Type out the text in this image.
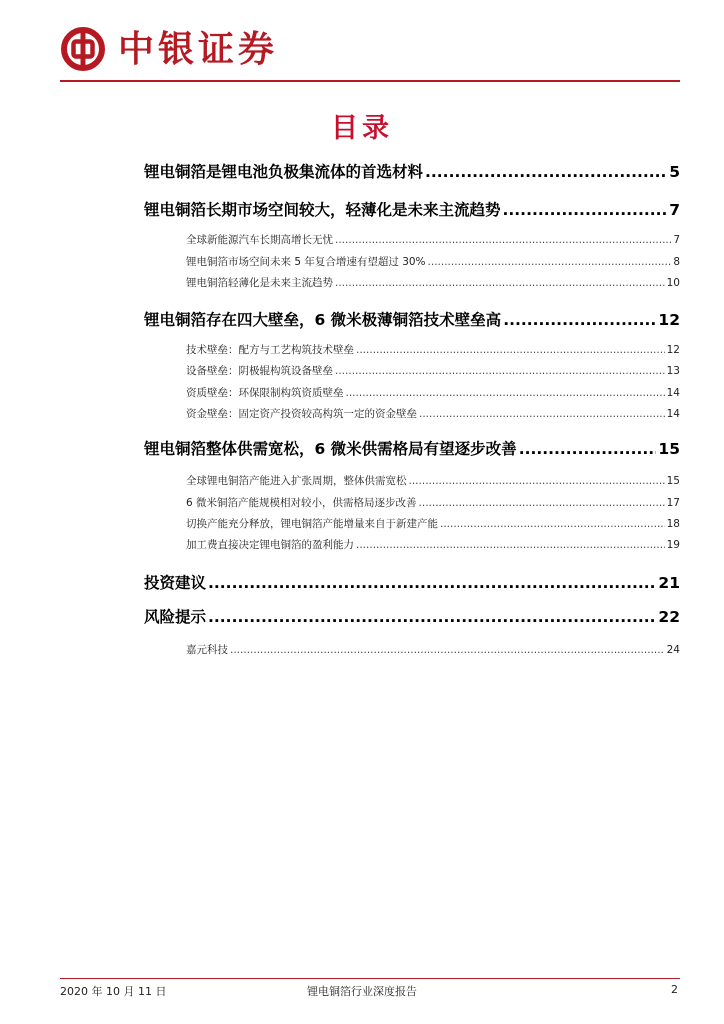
中银证券
目录
锂电铜箔是锂电池负极集流体的首选材料 .....	5
锂电铜箔长期市场空间较大，轻薄化是未来主流趋势 .....	7
全球新能源汽车长期高增长无忧 .....	7
锂电铜箔市场空间未来 5 年复合增速有望超过 30% .....	8
锂电铜箔轻薄化是未来主流趋势 .....	10
锂电铜箔存在四大壁垒，6 微米极薄铜箔技术壁垒高 .....	12
技术壁垒：配方与工艺构筑技术壁垒 .....	12
设备壁垒：阴极辊构筑设备壁垒 .....	13
资质壁垒：环保限制构筑资质壁垒 .....	14
资金壁垒：固定资产投资较高构筑一定的资金壁垒 .....	14
锂电铜箔整体供需宽松，6 微米供需格局有望逐步改善 .....	15
全球锂电铜箔产能进入扩张周期，整体供需宽松 .....	15
6 微米铜箔产能规模相对较小，供需格局逐步改善 .....	17
切换产能充分释放，锂电铜箔产能增量来自于新建产能 .....	18
加工费直接决定锂电铜箔的盈利能力 .....	19
投资建议 .....	21
风险提示 .....	22
嘉元科技 .....	24
2020 年 10 月 11 日	锂电铜箔行业深度报告	2
